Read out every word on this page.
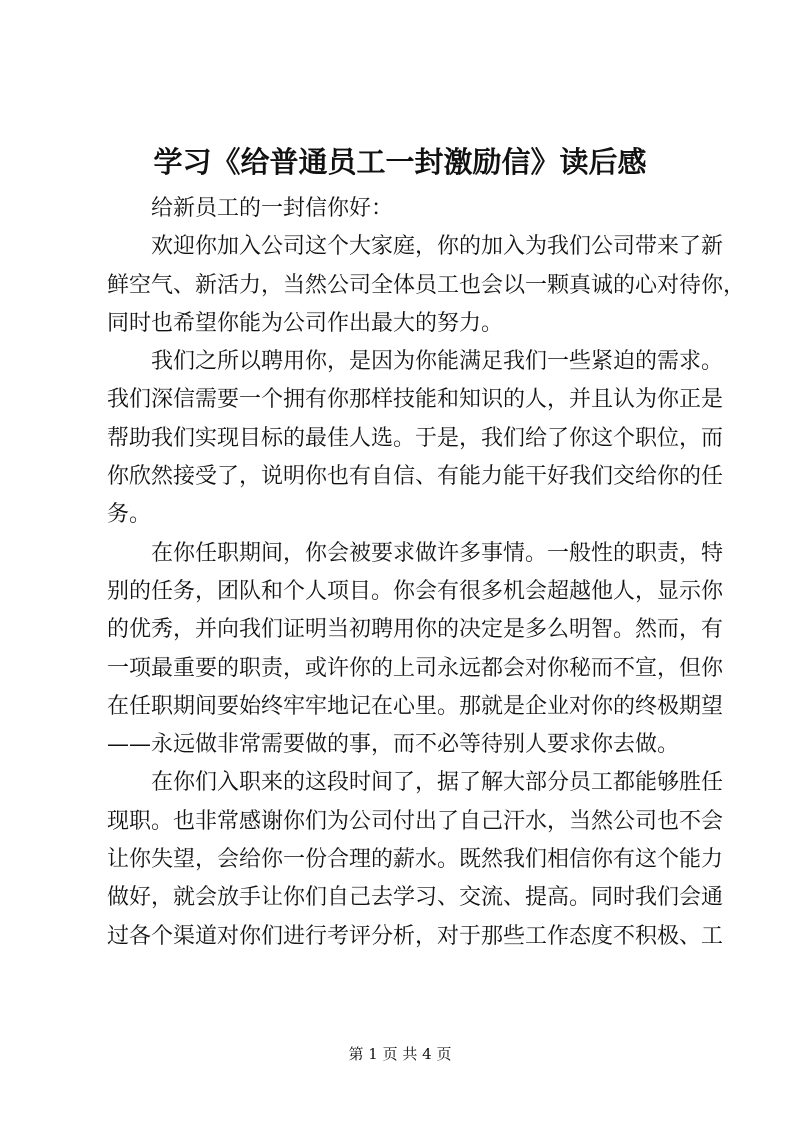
学习《给普通员工一封激励信》读后感
给新员工的一封信你好：
欢迎你加入公司这个大家庭，你的加入为我们公司带来了新
鲜空气、新活力，当然公司全体员工也会以一颗真诚的心对待你，
同时也希望你能为公司作出最大的努力。
我们之所以聘用你，是因为你能满足我们一些紧迫的需求。
我们深信需要一个拥有你那样技能和知识的人，并且认为你正是
帮助我们实现目标的最佳人选。于是，我们给了你这个职位，而
你欣然接受了，说明你也有自信、有能力能干好我们交给你的任
务。
在你任职期间，你会被要求做许多事情。一般性的职责，特
别的任务，团队和个人项目。你会有很多机会超越他人，显示你
的优秀，并向我们证明当初聘用你的决定是多么明智。然而，有
一项最重要的职责，或许你的上司永远都会对你秘而不宣，但你
在任职期间要始终牢牢地记在心里。那就是企业对你的终极期望
——永远做非常需要做的事，而不必等待别人要求你去做。
在你们入职来的这段时间了，据了解大部分员工都能够胜任
现职。也非常感谢你们为公司付出了自己汗水，当然公司也不会
让你失望，会给你一份合理的薪水。既然我们相信你有这个能力
做好，就会放手让你们自己去学习、交流、提高。同时我们会通
过各个渠道对你们进行考评分析，对于那些工作态度不积极、工
第 1 页 共 4 页
